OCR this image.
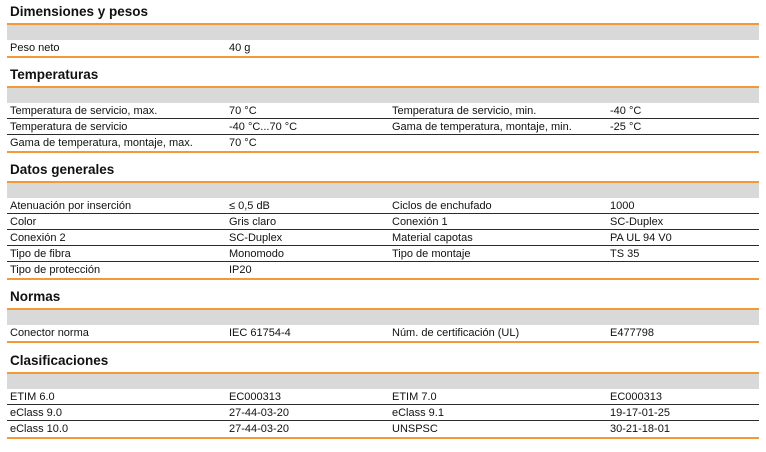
Dimensiones y pesos
Peso neto	40 g
Temperaturas
Temperatura de servicio, max.	70 °C	Temperatura de servicio, min.	-40 °C
Temperatura de servicio	-40 °C...70 °C	Gama de temperatura, montaje, min.	-25 °C
Gama de temperatura, montaje, max.	70 °C
Datos generales
Atenuación por inserción	≤ 0,5 dB	Ciclos de enchufado	1000
Color	Gris claro	Conexión 1	SC-Duplex
Conexión 2	SC-Duplex	Material capotas	PA UL 94 V0
Tipo de fibra	Monomodo	Tipo de montaje	TS 35
Tipo de protección	IP20
Normas
Conector norma	IEC 61754-4	Núm. de certificación (UL)	E477798
Clasificaciones
ETIM 6.0	EC000313	ETIM 7.0	EC000313
eClass 9.0	27-44-03-20	eClass 9.1	19-17-01-25
eClass 10.0	27-44-03-20	UNSPSC	30-21-18-01
